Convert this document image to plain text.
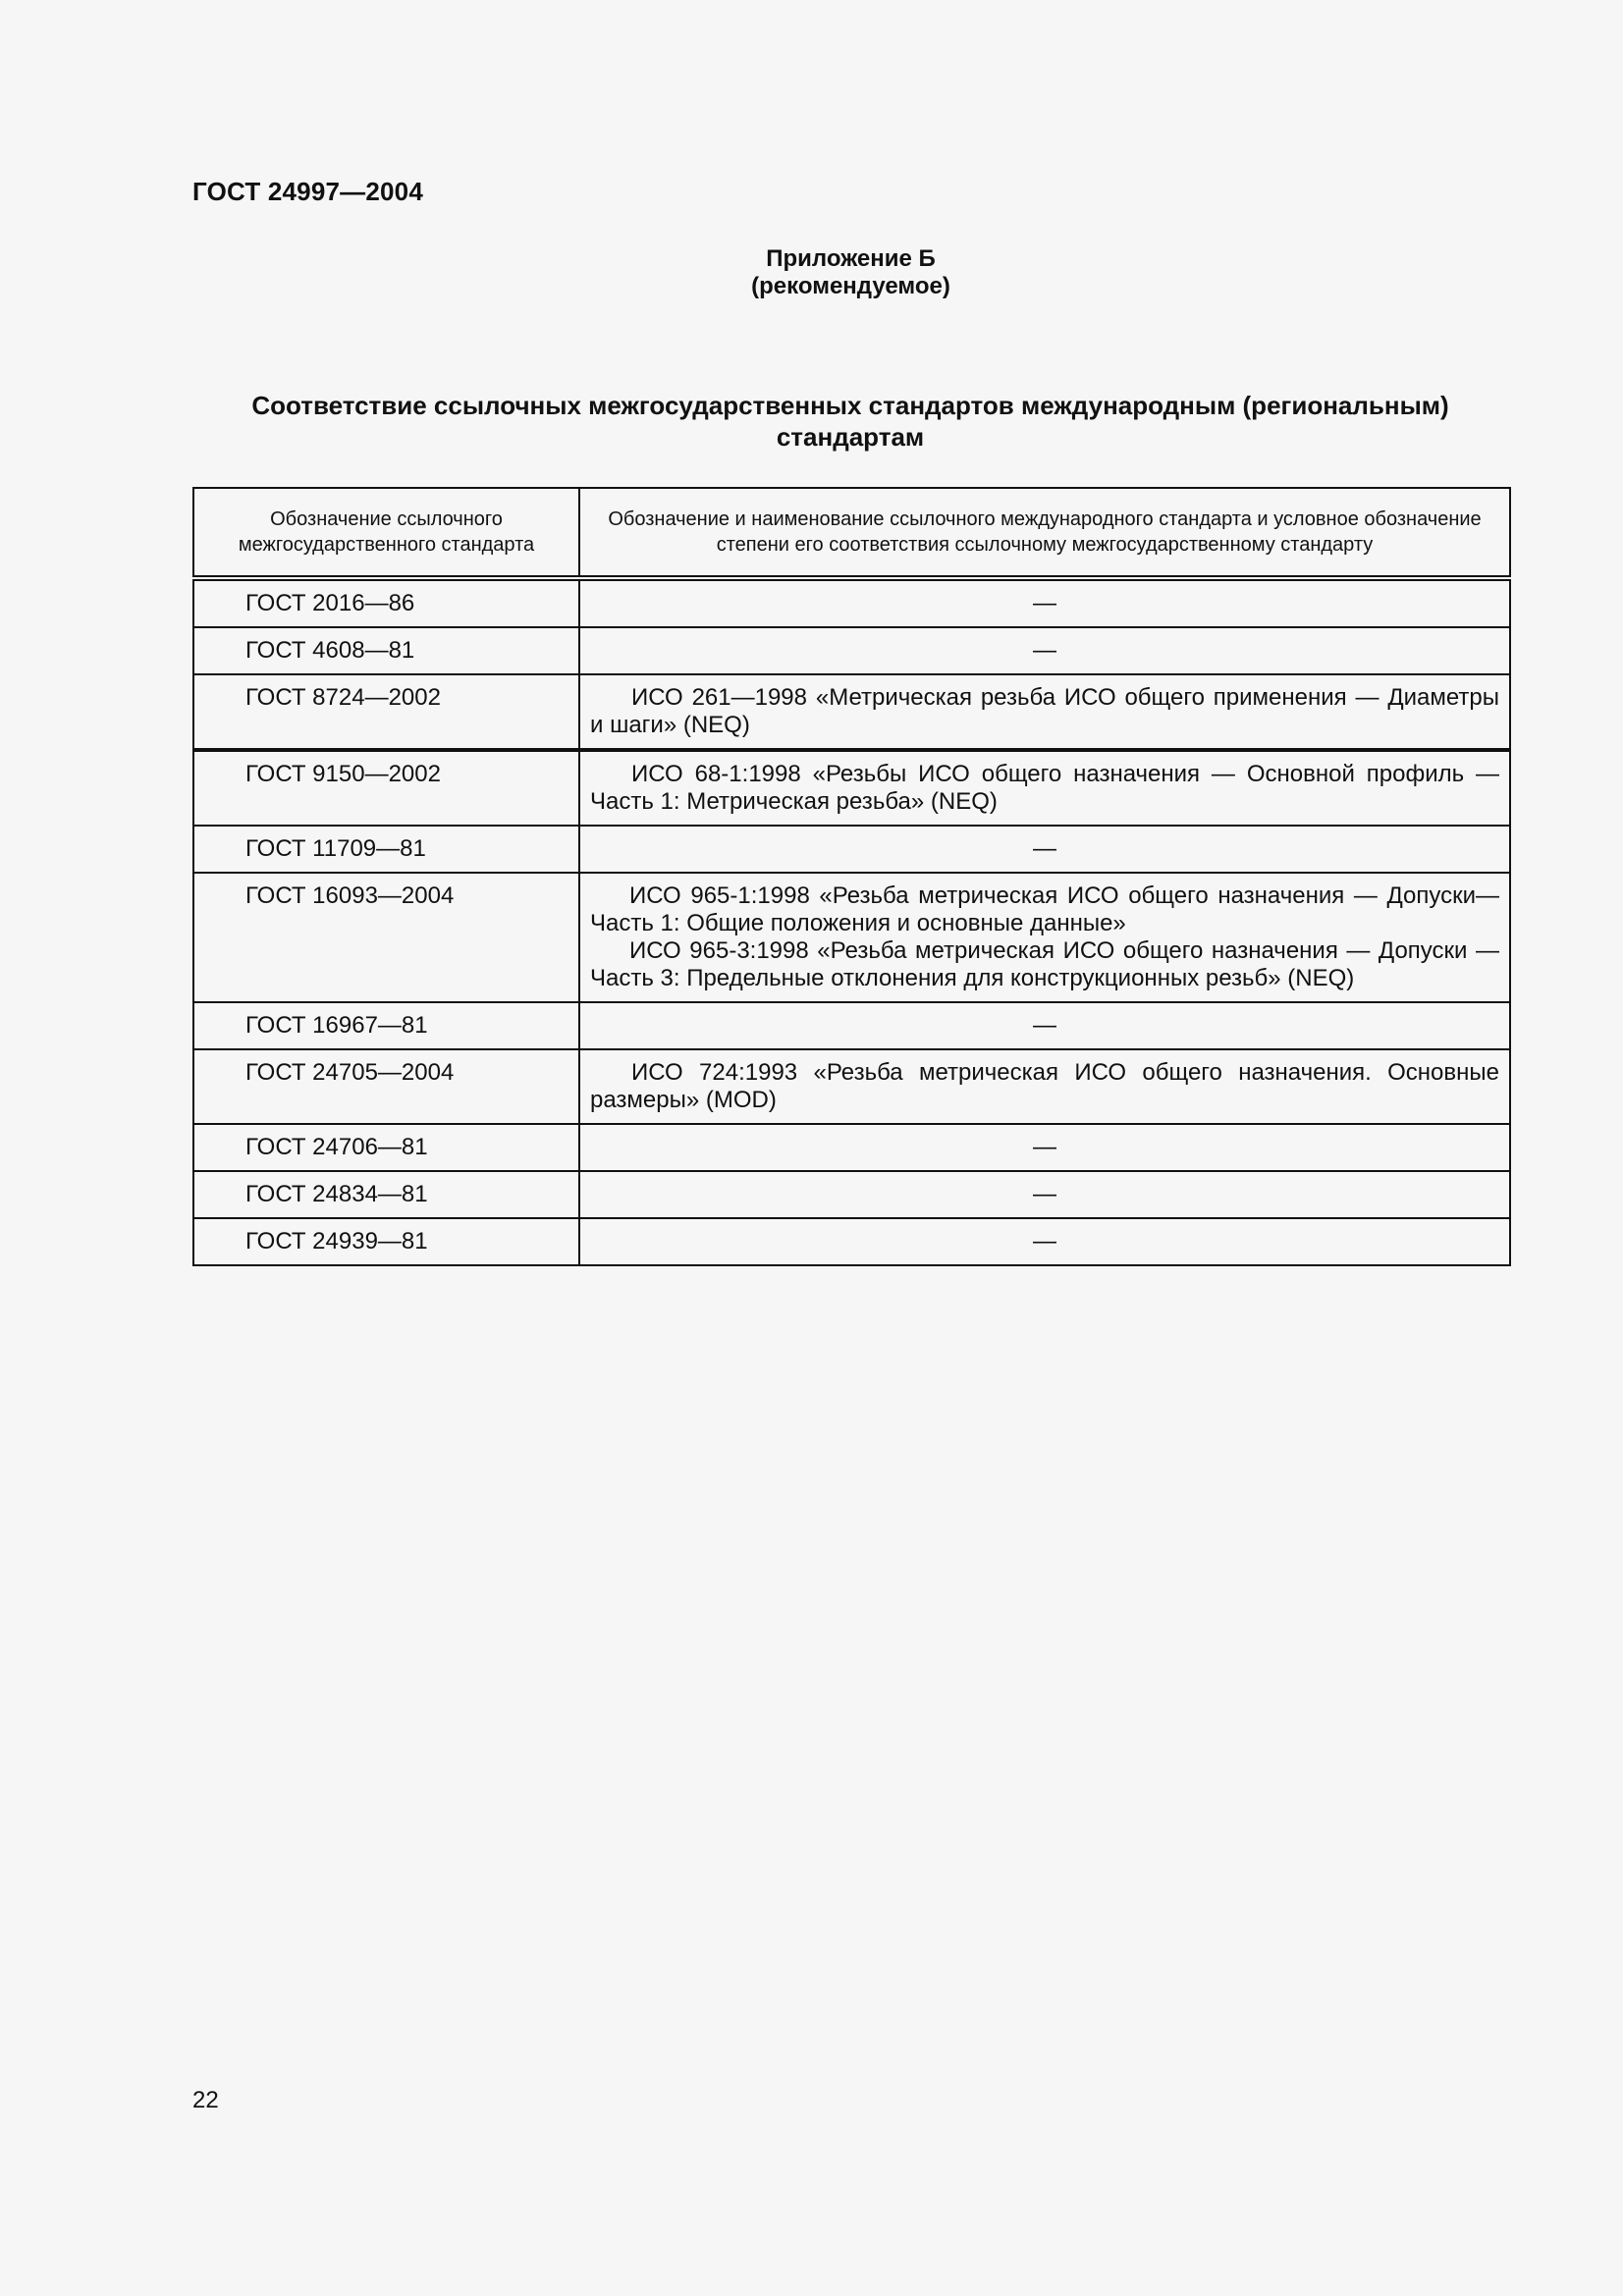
ГОСТ 24997—2004
Приложение Б
(рекомендуемое)
Соответствие ссылочных межгосударственных стандартов международным (региональным) стандартам
Обозначение ссылочного межгосударственного стандарта	Обозначение и наименование ссылочного международного стандарта и условное обозначение степени его соответствия ссылочному межгосударственному стандарту
ГОСТ 2016—86	—
ГОСТ 4608—81	—
ГОСТ 8724—2002	ИСО 261—1998 «Метрическая резьба ИСО общего применения — Диаметры и шаги» (NEQ)

ГОСТ 9150—2002	ИСО 68-1:1998 «Резьбы ИСО общего назначения — Основной профиль — Часть 1: Метрическая резьба» (NEQ)

ГОСТ 11709—81	—
ГОСТ 16093—2004	ИСО 965-1:1998 «Резьба метрическая ИСО общего назначения — Допуски— Часть 1: Общие положения и основные данные»

ИСО 965-3:1998 «Резьба метрическая ИСО общего назначения — Допуски — Часть 3: Предельные отклонения для конструкционных резьб» (NEQ)

ГОСТ 16967—81	—
ГОСТ 24705—2004	ИСО 724:1993 «Резьба метрическая ИСО общего назначения. Основные размеры» (MOD)

ГОСТ 24706—81	—
ГОСТ 24834—81	—
ГОСТ 24939—81	—
22
